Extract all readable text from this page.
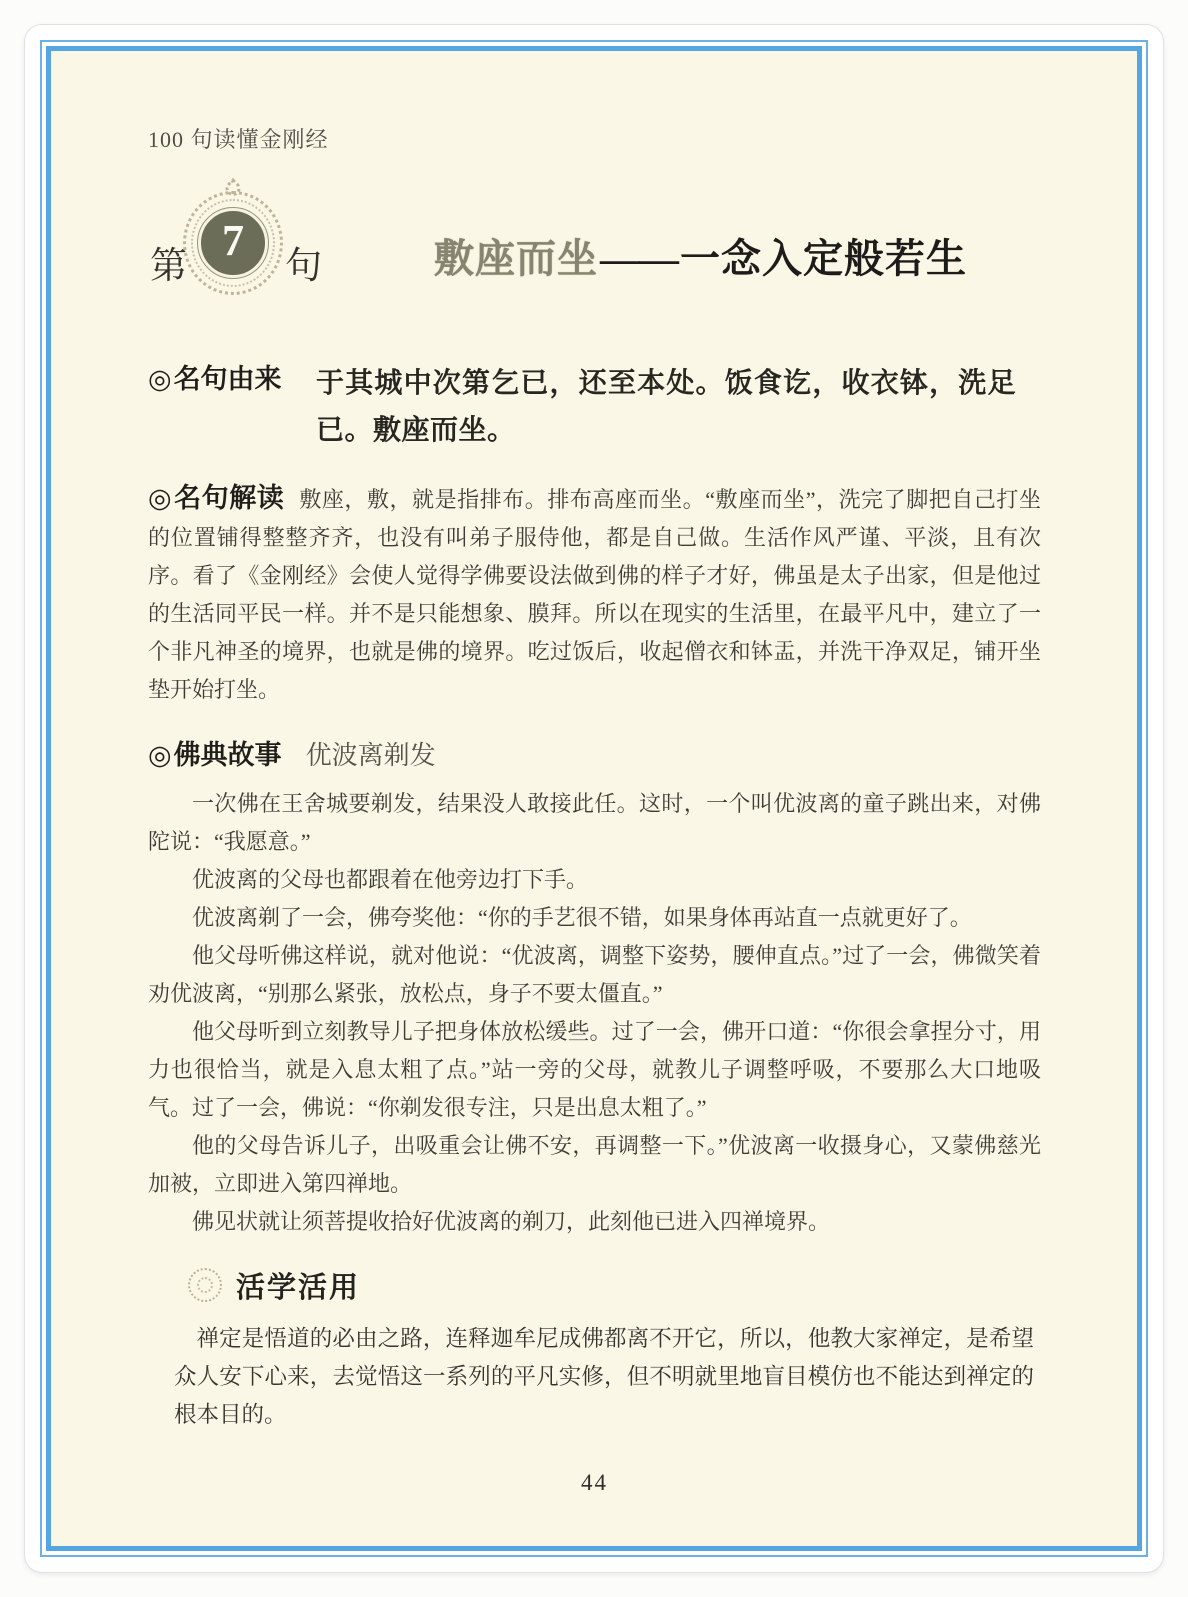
100 句读懂金刚经
第
7
句	敷座而坐——一念入定般若生
◎名句由来	于其城中次第乞已，还至本处。饭食讫，收衣钵，洗足已。敷座而坐。

◎名句解读 敷座，敷，就是指排布。排布高座而坐。“敷座而坐”，洗完了脚把自己打坐的位置铺得整整齐齐，也没有叫弟子服侍他，都是自己做。生活作风严谨、平淡，且有次序。看了《金刚经》会使人觉得学佛要设法做到佛的样子才好，佛虽是太子出家，但是他过的生活同平民一样。并不是只能想象、膜拜。所以在现实的生活里，在最平凡中，建立了一个非凡神圣的境界，也就是佛的境界。吃过饭后，收起僧衣和钵盂，并洗干净双足，铺开坐垫开始打坐。

◎佛典故事 优波离剃发

一次佛在王舍城要剃发，结果没人敢接此任。这时，一个叫优波离的童子跳出来，对佛陀说：“我愿意。”

优波离的父母也都跟着在他旁边打下手。

优波离剃了一会，佛夸奖他：“你的手艺很不错，如果身体再站直一点就更好了。

他父母听佛这样说，就对他说：“优波离，调整下姿势，腰伸直点。”过了一会，佛微笑着劝优波离，“别那么紧张，放松点，身子不要太僵直。”

他父母听到立刻教导儿子把身体放松缓些。过了一会，佛开口道：“你很会拿捏分寸，用力也很恰当，就是入息太粗了点。”站一旁的父母，就教儿子调整呼吸，不要那么大口地吸气。过了一会，佛说：“你剃发很专注，只是出息太粗了。”

他的父母告诉儿子，出吸重会让佛不安，再调整一下。”优波离一收摄身心，又蒙佛慈光加被，立即进入第四禅地。

佛见状就让须菩提收拾好优波离的剃刀，此刻他已进入四禅境界。

活学活用

禅定是悟道的必由之路，连释迦牟尼成佛都离不开它，所以，他教大家禅定，是希望众人安下心来，去觉悟这一系列的平凡实修，但不明就里地盲目模仿也不能达到禅定的根本目的。

44
